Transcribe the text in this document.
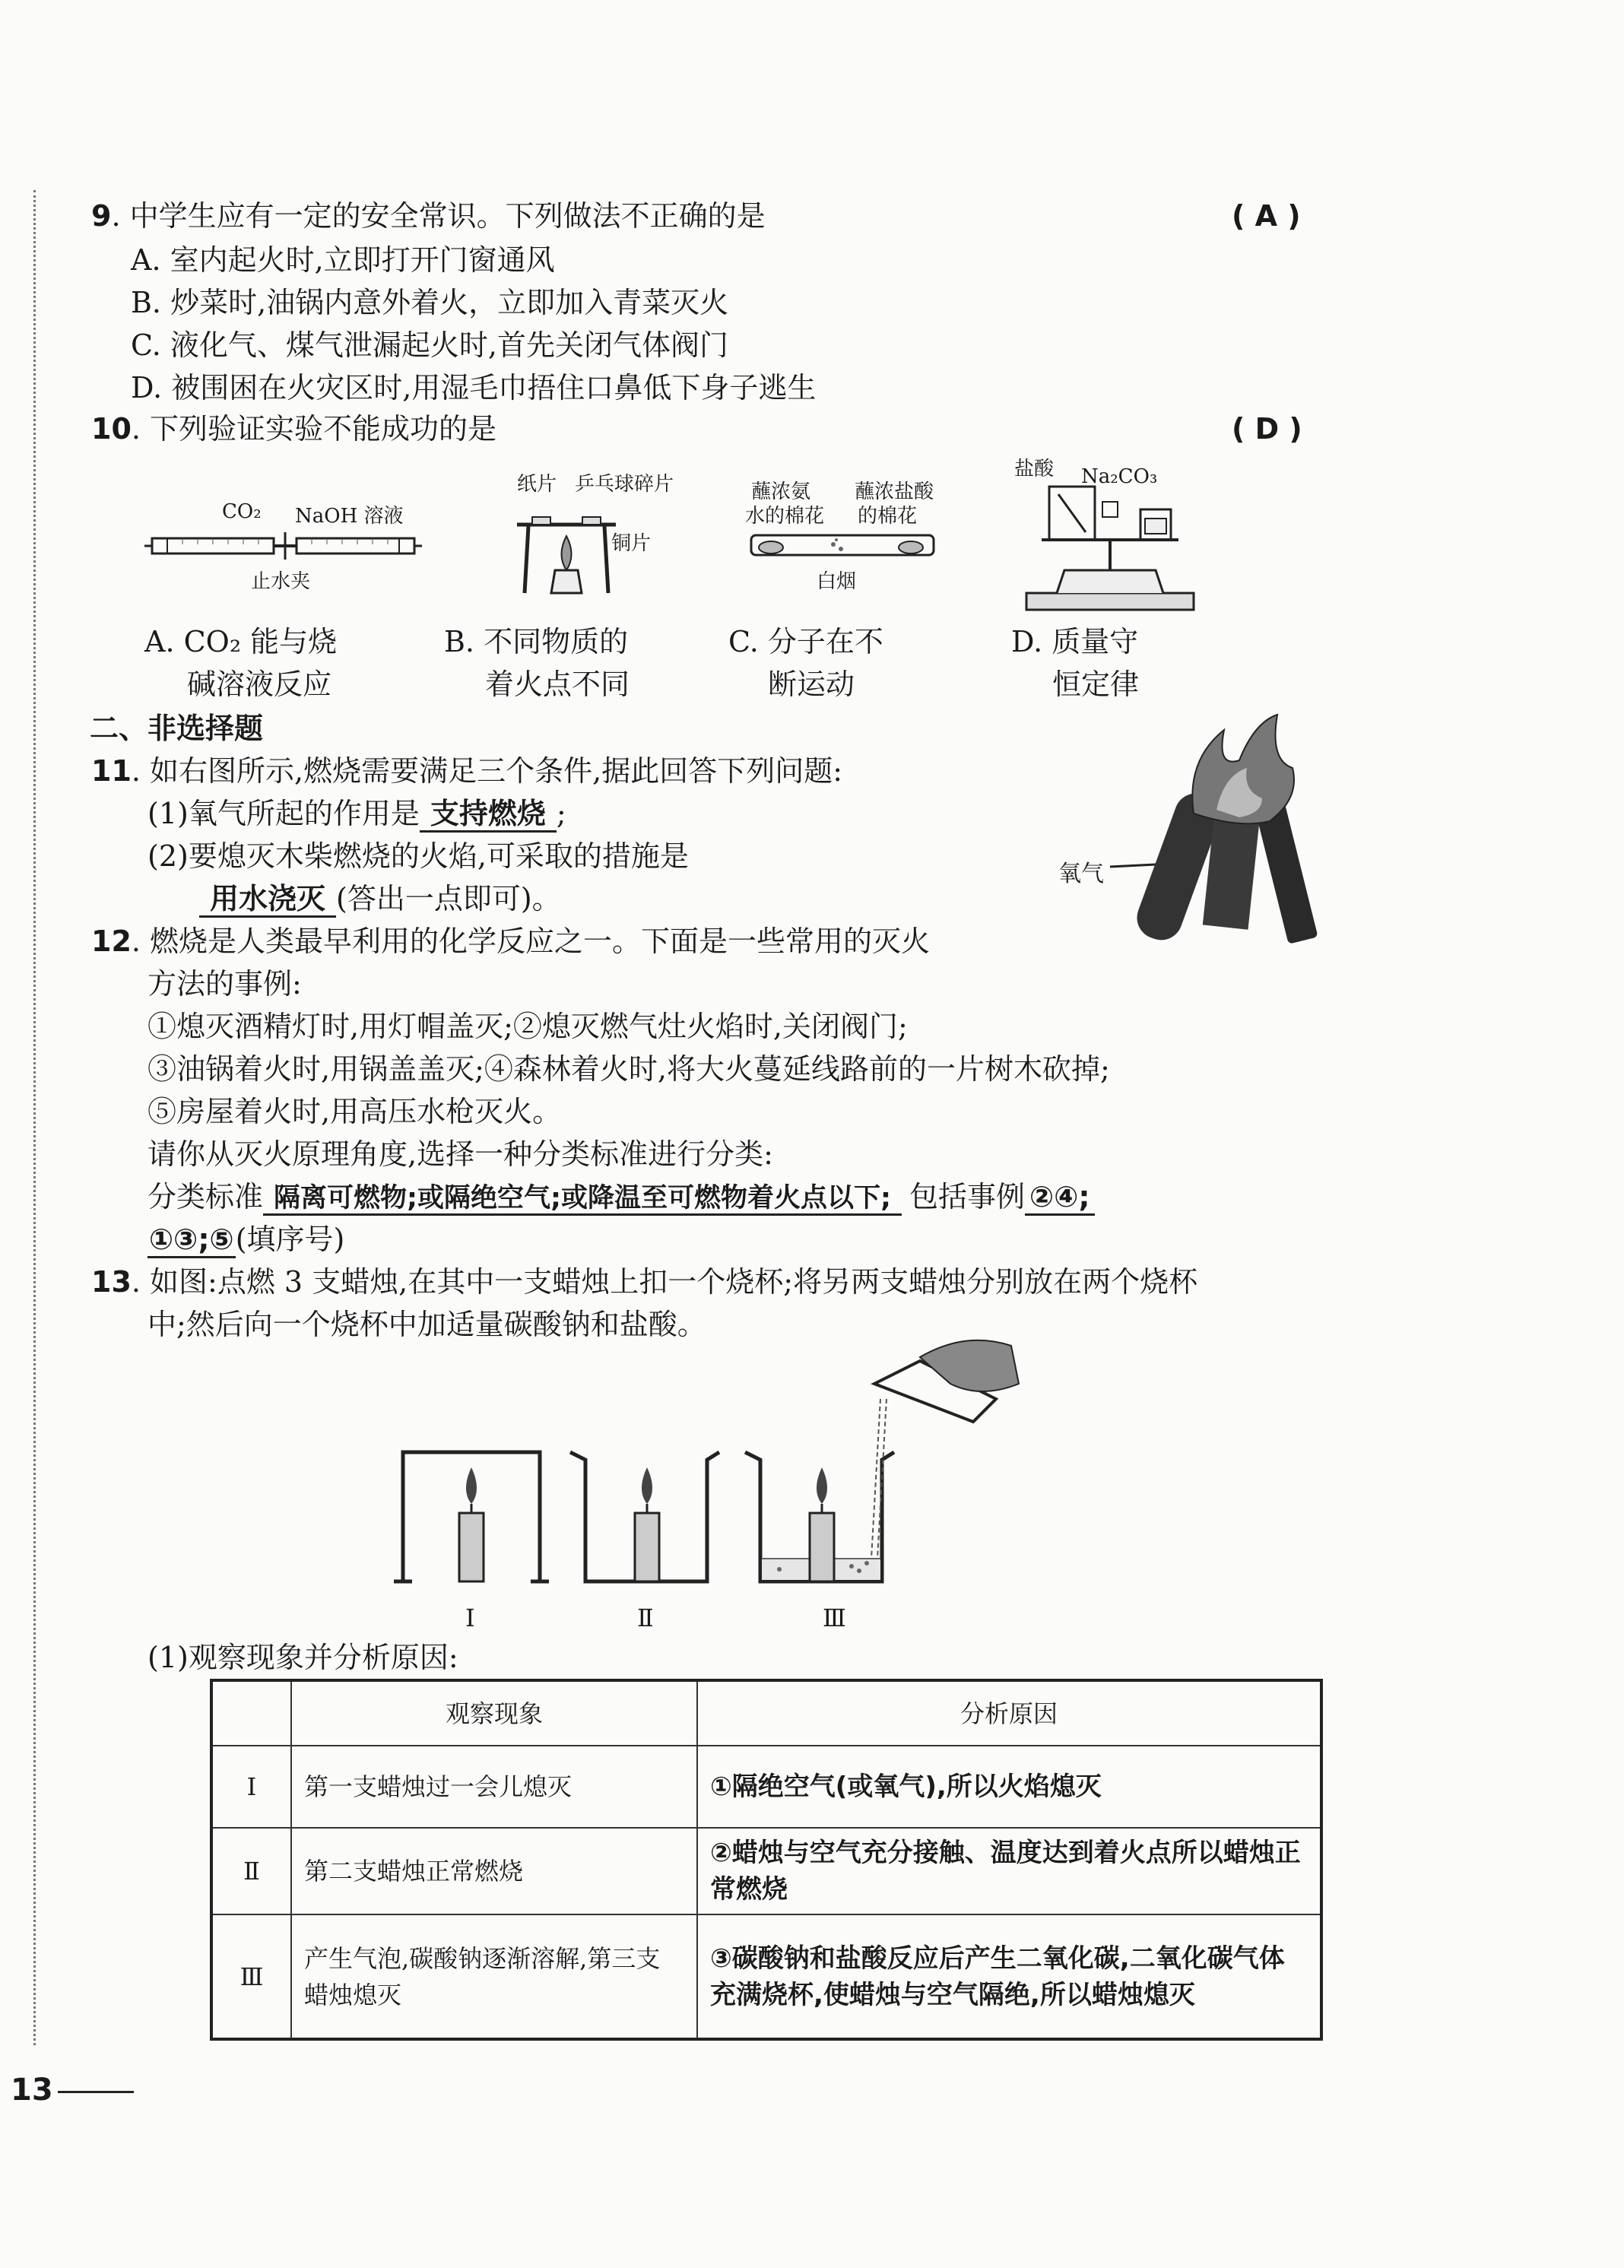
9. 中学生应有一定的安全常识。下列做法不正确的是	( A )
A. 室内起火时,立即打开门窗通风
B. 炒菜时,油锅内意外着火，立即加入青菜灭火
C. 液化气、煤气泄漏起火时,首先关闭气体阀门
D. 被围困在火灾区时,用湿毛巾捂住口鼻低下身子逃生
10. 下列验证实验不能成功的是	( D )
CO₂ NaOH 溶液
止水夹
纸片 乒乓球碎片
铜片
蘸浓氨
水的棉花
蘸浓盐酸
的棉花
白烟
盐酸 Na₂CO₃
A. CO₂ 能与烧
碱溶液反应
B. 不同物质的
着火点不同
C. 分子在不
断运动
D. 质量守
恒定律
二、非选择题
11. 如右图所示,燃烧需要满足三个条件,据此回答下列问题:
(1)氧气所起的作用是 支持燃烧 ;
(2)要熄灭木柴燃烧的火焰,可采取的措施是
用水浇灭 (答出一点即可)。
氧气
12. 燃烧是人类最早利用的化学反应之一。下面是一些常用的灭火
方法的事例:
①熄灭酒精灯时,用灯帽盖灭;②熄灭燃气灶火焰时,关闭阀门;
③油锅着火时,用锅盖盖灭;④森林着火时,将大火蔓延线路前的一片树木砍掉;
⑤房屋着火时,用高压水枪灭火。
请你从灭火原理角度,选择一种分类标准进行分类:
分类标准 隔离可燃物;或隔绝空气;或降温至可燃物着火点以下; 包括事例 ②④;
①③;⑤(填序号)
13. 如图:点燃 3 支蜡烛,在其中一支蜡烛上扣一个烧杯;将另两支蜡烛分别放在两个烧杯
中;然后向一个烧杯中加适量碳酸钠和盐酸。
Ⅰ	Ⅱ	Ⅲ
(1)观察现象并分析原因:
	观察现象	分析原因
Ⅰ	第一支蜡烛过一会儿熄灭	①隔绝空气(或氧气),所以火焰熄灭
Ⅱ	第二支蜡烛正常燃烧	②蜡烛与空气充分接触、温度达到着火点所以蜡烛正常燃烧
Ⅲ	产生气泡,碳酸钠逐渐溶解,第三支蜡烛熄灭	③碳酸钠和盐酸反应后产生二氧化碳,二氧化碳气体充满烧杯,使蜡烛与空气隔绝,所以蜡烛熄灭
13
